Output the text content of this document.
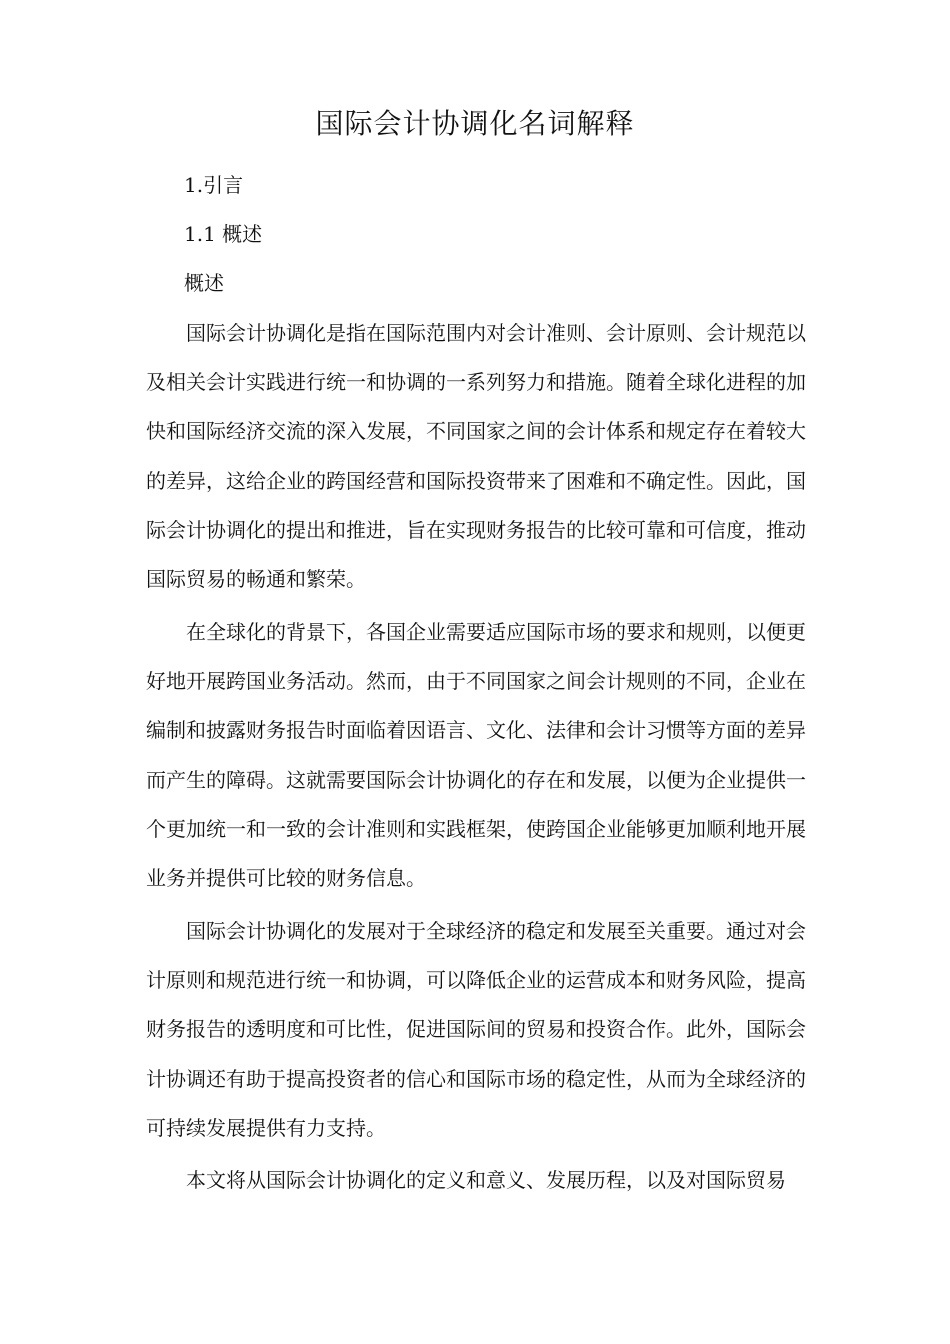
国际会计协调化名词解释
1.引言
1.1 概述
概述

国际会计协调化是指在国际范围内对会计准则、会计原则、会计规范以及相关会计实践进行统一和协调的一系列努力和措施。随着全球化进程的加快和国际经济交流的深入发展，不同国家之间的会计体系和规定存在着较大的差异，这给企业的跨国经营和国际投资带来了困难和不确定性。因此，国际会计协调化的提出和推进，旨在实现财务报告的比较可靠和可信度，推动国际贸易的畅通和繁荣。

在全球化的背景下，各国企业需要适应国际市场的要求和规则，以便更好地开展跨国业务活动。然而，由于不同国家之间会计规则的不同，企业在编制和披露财务报告时面临着因语言、文化、法律和会计习惯等方面的差异而产生的障碍。这就需要国际会计协调化的存在和发展，以便为企业提供一个更加统一和一致的会计准则和实践框架，使跨国企业能够更加顺利地开展业务并提供可比较的财务信息。

国际会计协调化的发展对于全球经济的稳定和发展至关重要。通过对会计原则和规范进行统一和协调，可以降低企业的运营成本和财务风险，提高财务报告的透明度和可比性，促进国际间的贸易和投资合作。此外，国际会计协调还有助于提高投资者的信心和国际市场的稳定性，从而为全球经济的可持续发展提供有力支持。

本文将从国际会计协调化的定义和意义、发展历程，以及对国际贸易
